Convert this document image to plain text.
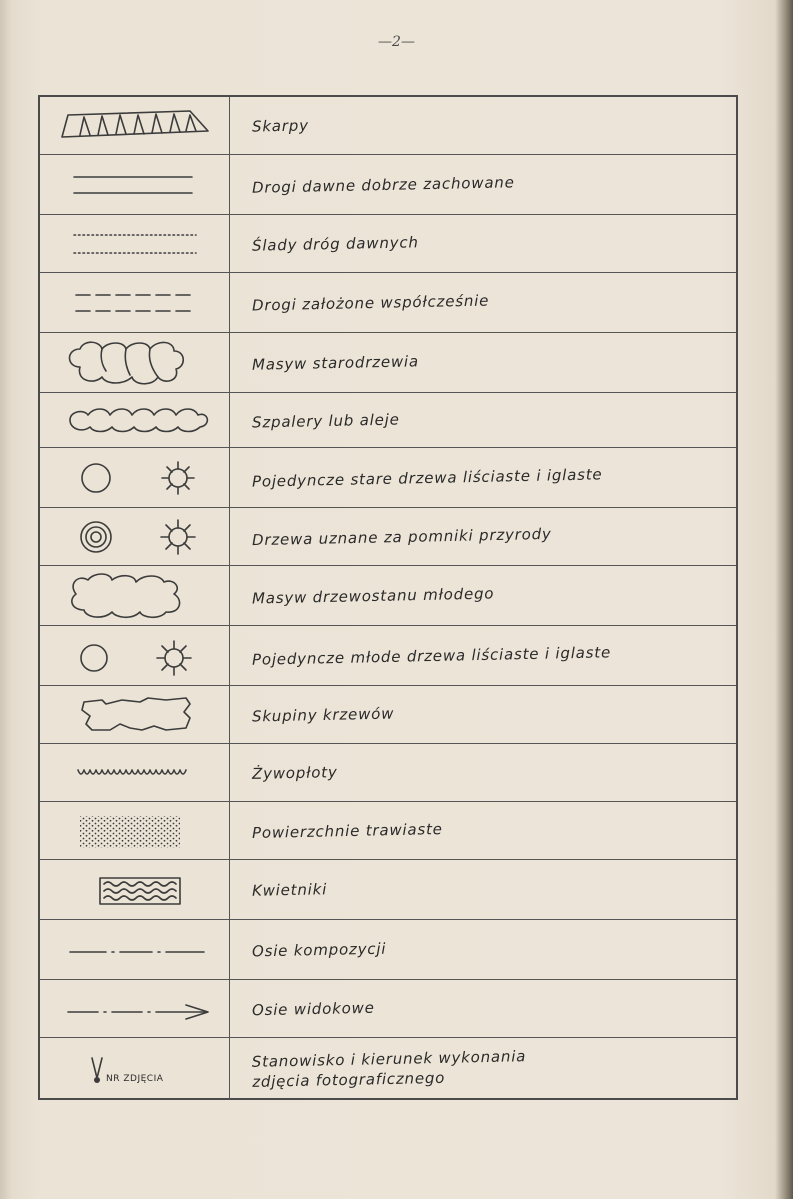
—2—
Skarpy
Drogi dawne dobrze zachowane
Ślady dróg dawnych
Drogi założone współcześnie
Masyw starodrzewia
Szpalery lub aleje
Pojedyncze stare drzewa liściaste i iglaste
Drzewa uznane za pomniki przyrody
Masyw drzewostanu młodego
Pojedyncze młode drzewa liściaste i iglaste
Skupiny krzewów
Żywopłoty
Powierzchnie trawiaste
Kwietniki
Osie kompozycji
Osie widokowe
NR ZDJĘCIA
Stanowisko i kierunek wykonania
zdjęcia fotograficznego
